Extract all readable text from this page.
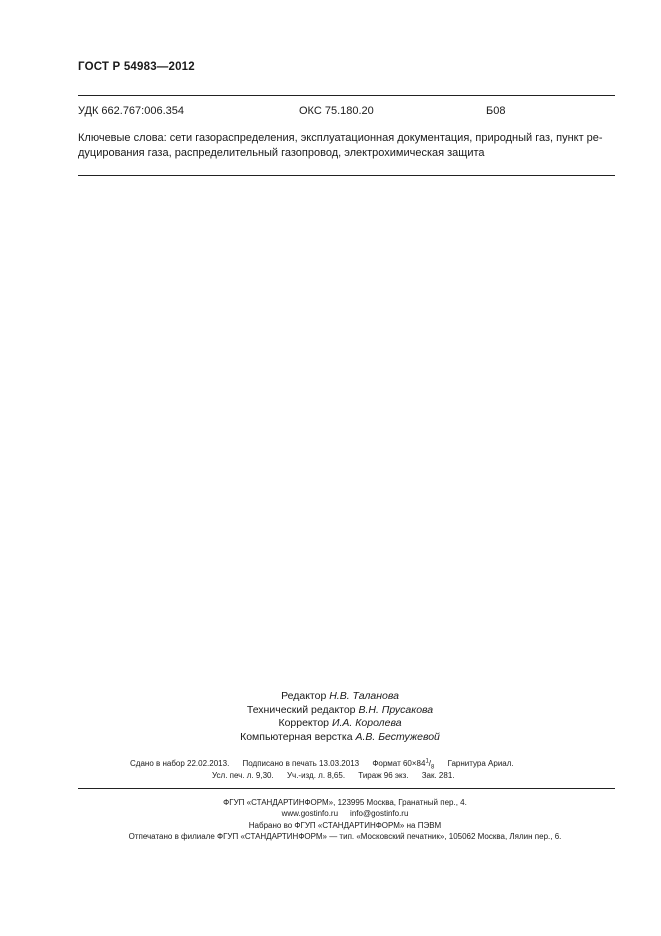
ГОСТ Р 54983—2012
УДК 662.767:006.354	ОКС 75.180.20	Б08
Ключевые слова: сети газораспределения, эксплуатационная документация, природный газ, пункт ре-
дуцирования газа, распределительный газопровод, электрохимическая защита
Редактор Н.В. Таланова
Технический редактор В.Н. Прусакова
Корректор И.А. Королева
Компьютерная верстка А.В. Бестужевой
Сдано в набор 22.02.2013. Подписано в печать 13.03.2013 Формат $60\times 84^1/_8$ Гарнитура Ариал.
Усл. печ. л. 9,30. Уч.-изд. л. 8,65. Тираж 96 экз. Зак. 281.
ФГУП «СТАНДАРТИНФОРМ», 123995 Москва, Гранатный пер., 4.
www.gostinfo.ru info@gostinfo.ru
Набрано во ФГУП «СТАНДАРТИНФОРМ» на ПЭВМ
Отпечатано в филиале ФГУП «СТАНДАРТИНФОРМ» — тип. «Московский печатник», 105062 Москва, Лялин пер., 6.
